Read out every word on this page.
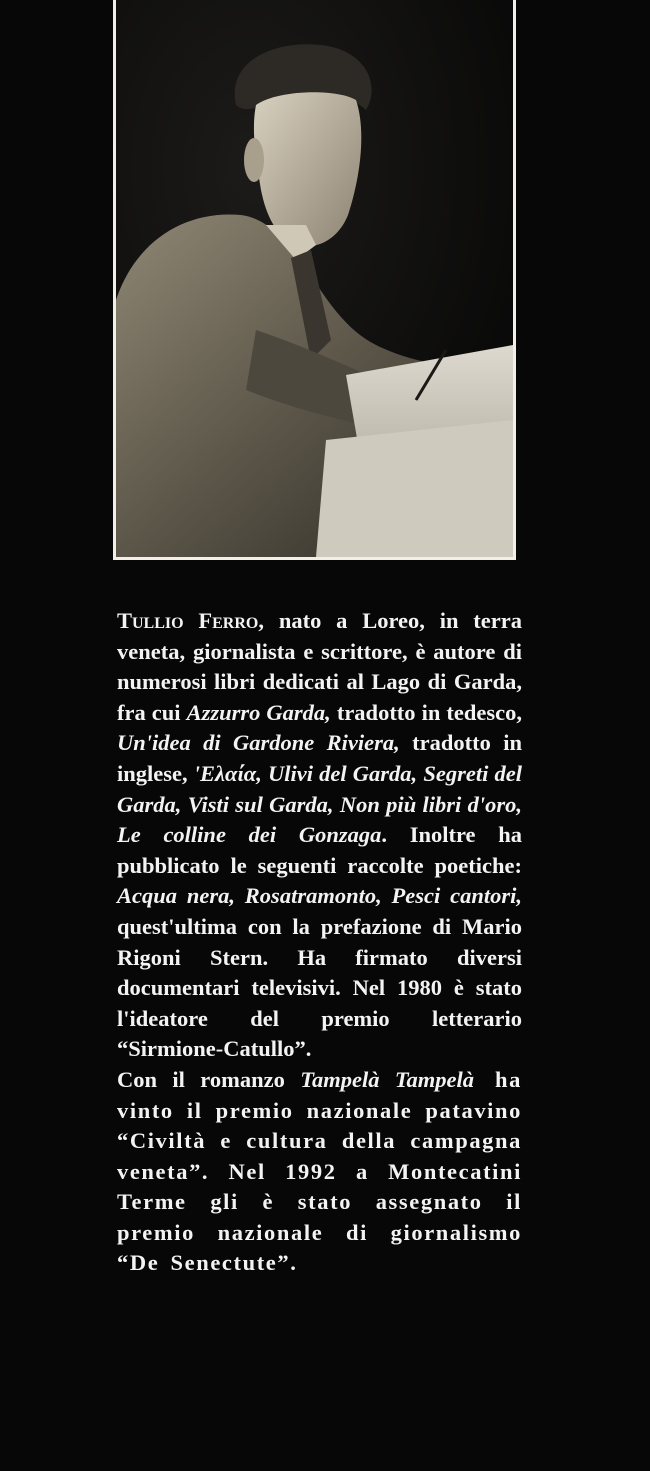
Tullio Ferro, nato a Loreo, in terra veneta, giornalista e scrittore, è autore di numerosi libri dedicati al Lago di Garda, fra cui Azzurro Garda, tradotto in tedesco, Un'idea di Gardone Riviera, tradotto in inglese, 'Ελαία, Ulivi del Garda, Segreti del Garda, Visti sul Garda, Non più libri d'oro, Le colline dei Gonzaga. Inoltre ha pubblicato le seguenti raccolte poetiche: Acqua nera, Rosatramonto, Pesci cantori, quest'ultima con la prefazione di Mario Rigoni Stern. Ha firmato diversi documentari televisivi. Nel 1980 è stato l'ideatore del premio letterario “Sirmione-Catullo”.

Con il romanzo Tampelà Tampelà ha vinto il premio nazionale patavino “Civiltà e cultura della campagna veneta”. Nel 1992 a Montecatini Terme gli è stato assegnato il premio nazionale di giornalismo “De Senectute”.
